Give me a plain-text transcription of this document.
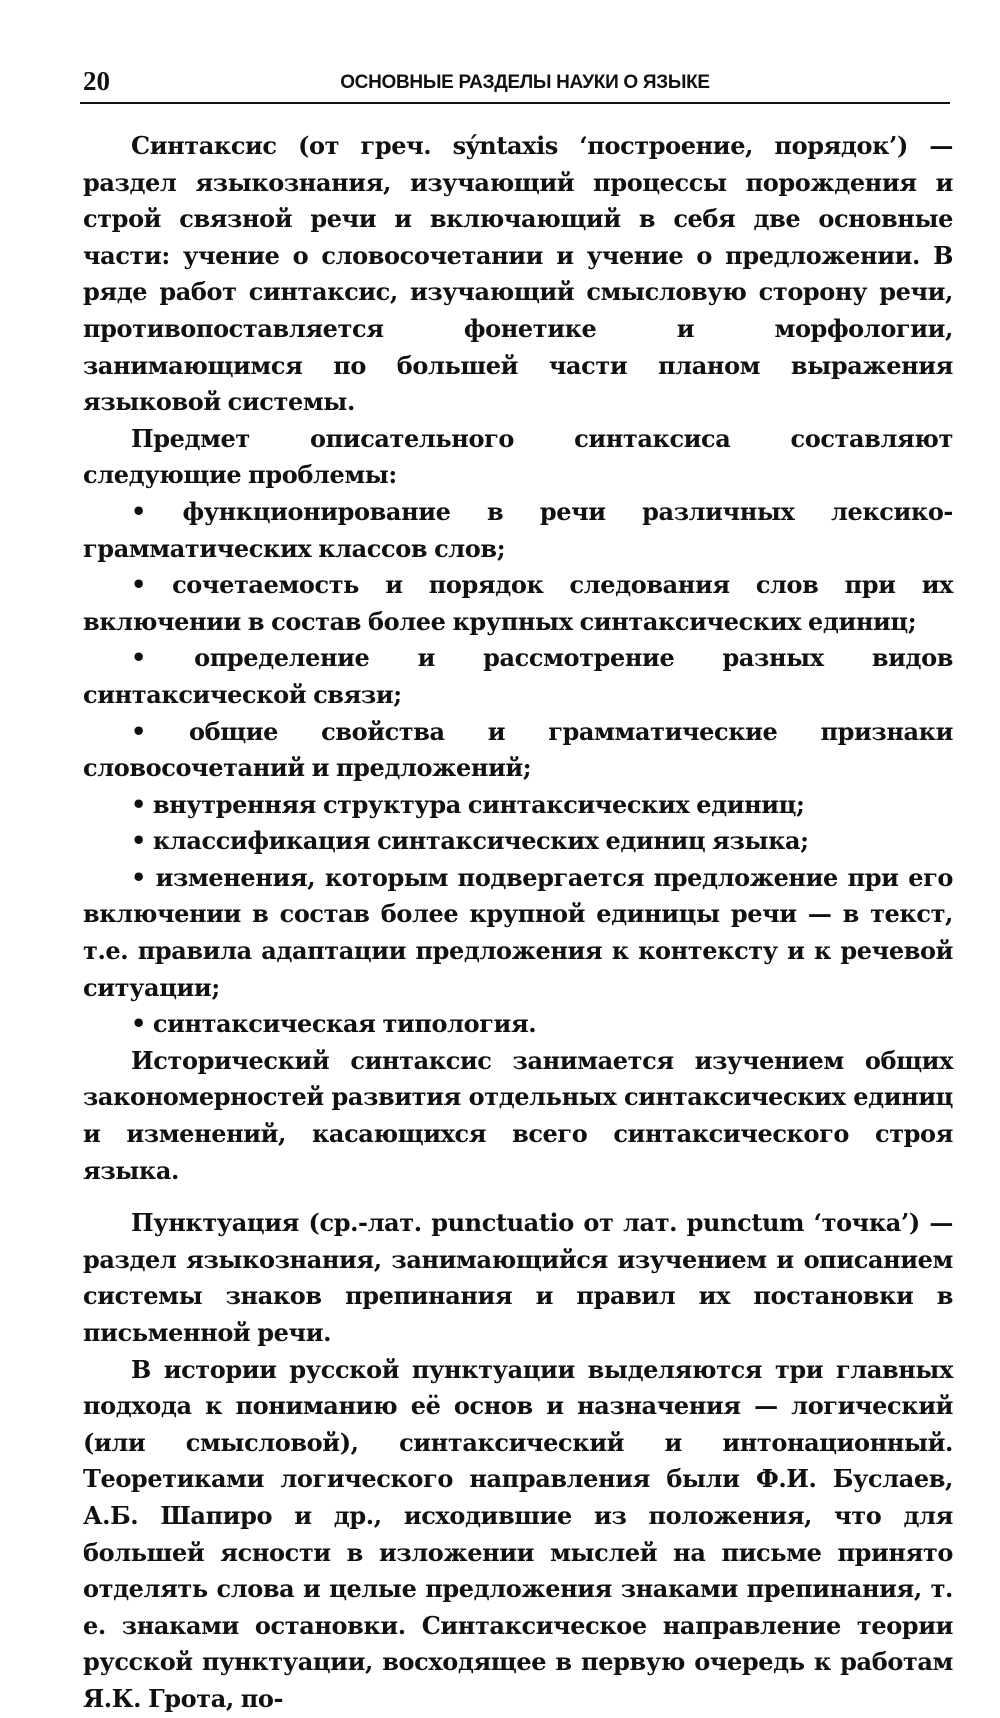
20	ОСНОВНЫЕ РАЗДЕЛЫ НАУКИ О ЯЗЫКЕ

Синтаксис (от греч. sýntaxis ‘построение, порядок’) — раздел языкознания, изучающий процессы порождения и строй связной речи и включающий в себя две основные части: учение о словосочетании и учение о предложении. В ряде работ синтаксис, изучающий смысловую сторону речи, противопоставляется фонетике и морфологии, занимающимся по большей части планом выражения языковой системы.

Предмет описательного синтаксиса составляют следующие проблемы:

• функционирование в речи различных лексико-грамматических классов слов;

• сочетаемость и порядок следования слов при их включении в состав более крупных синтаксических единиц;

• определение и рассмотрение разных видов синтаксической связи;

• общие свойства и грамматические признаки словосочетаний и предложений;

• внутренняя структура синтаксических единиц;

• классификация синтаксических единиц языка;

• изменения, которым подвергается предложение при его включении в состав более крупной единицы речи — в текст, т.е. правила адаптации предложения к контексту и к речевой ситуации;

• синтаксическая типология.

Исторический синтаксис занимается изучением общих закономерностей развития отдельных синтаксических единиц и изменений, касающихся всего синтаксического строя языка.

Пунктуация (ср.-лат. punctuatio от лат. punctum ‘точка’) — раздел языкознания, занимающийся изучением и описанием системы знаков препинания и правил их постановки в письменной речи.

В истории русской пунктуации выделяются три главных подхода к пониманию её основ и назначения — логический (или смысловой), синтаксический и интонационный. Теоретиками логического направления были Ф.И. Буслаев, А.Б. Шапиро и др., исходившие из положения, что для большей ясности в изложении мыслей на письме принято отделять слова и целые предложения знаками препинания, т. е. знаками остановки. Синтаксическое направление теории русской пунктуации, восходящее в первую очередь к работам Я.К. Грота, по-
